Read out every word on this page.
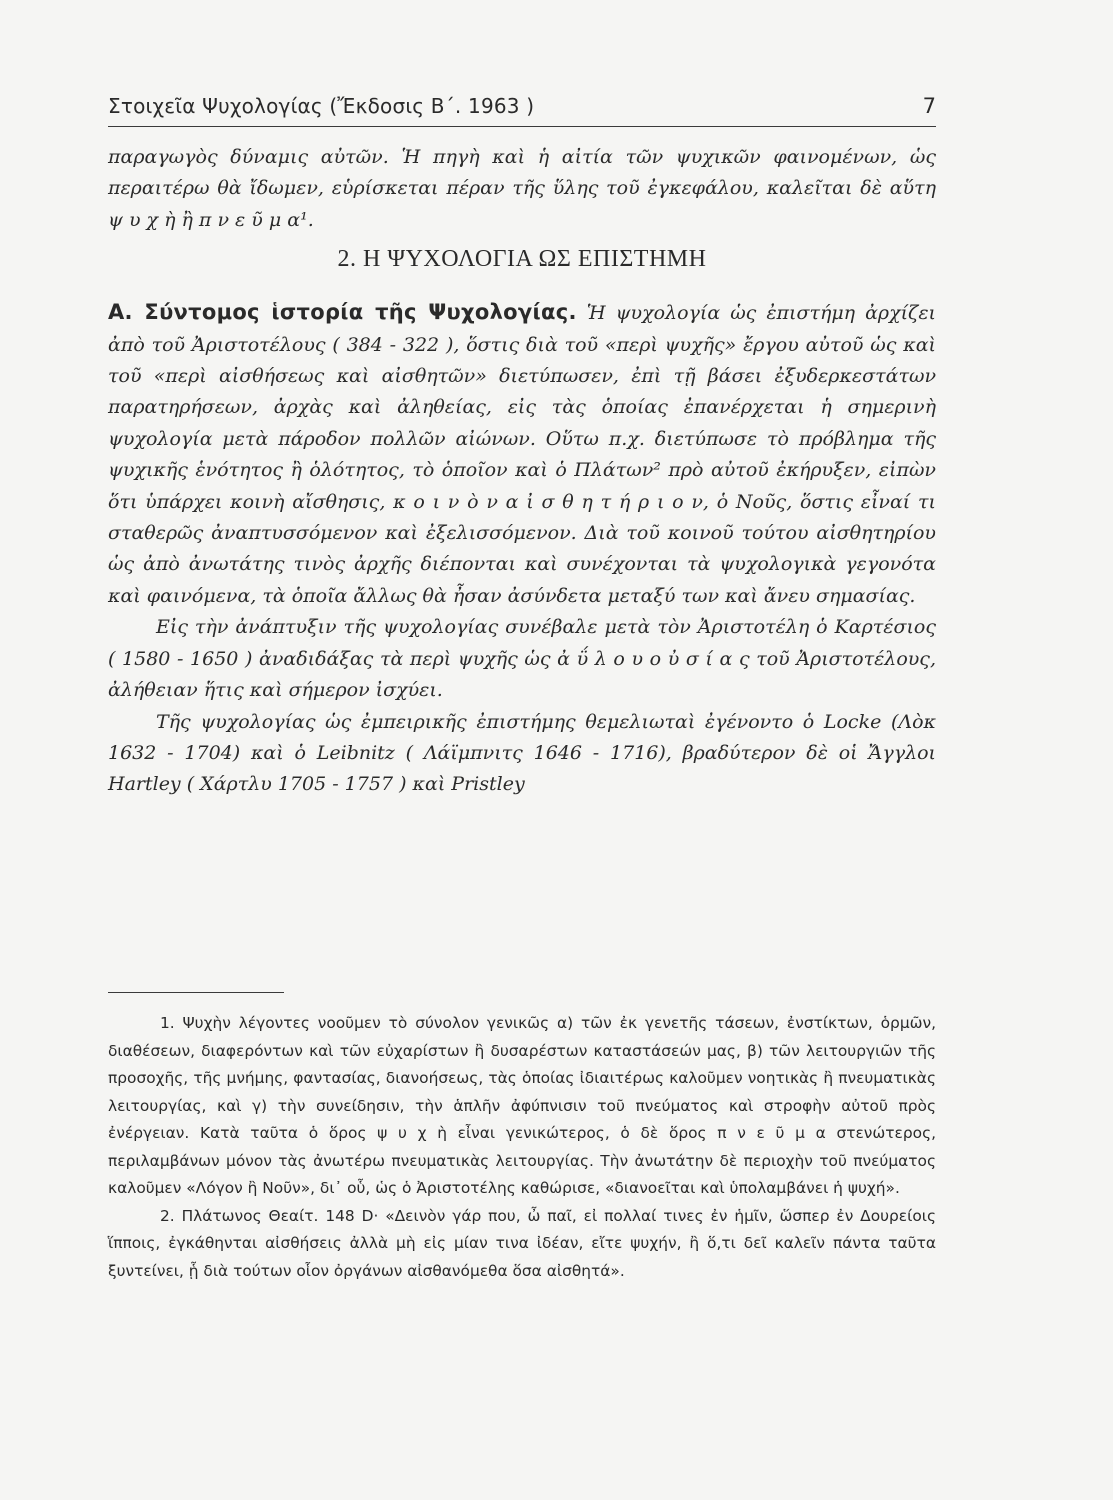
Στοιχεῖα Ψυχολογίας (Ἔκδοσις Β΄. 1963 )	7

παραγωγὸς δύναμις αὐτῶν. Ἡ πηγὴ καὶ ἡ αἰτία τῶν ψυχικῶν φαινομένων, ὡς περαιτέρω θὰ ἴδωμεν, εὑρίσκεται πέραν τῆς ὕλης τοῦ ἐγκεφάλου, καλεῖται δὲ αὕτη ψ υ χ ὴ ἢ π ν ε ῦ μ α¹.

2. Η ΨΥΧΟΛΟΓΙΑ ΩΣ ΕΠΙΣΤΗΜΗ

Α. Σύντομος ἱστορία τῆς Ψυχολογίας. Ἡ ψυχολογία ὡς ἐπιστήμη ἀρχίζει ἀπὸ τοῦ Ἀριστοτέλους ( 384 - 322 ), ὅστις διὰ τοῦ «περὶ ψυχῆς» ἔργου αὐτοῦ ὡς καὶ τοῦ «περὶ αἰσθήσεως καὶ αἰσθητῶν» διετύπωσεν, ἐπὶ τῇ βάσει ἐξυδερκεστάτων παρατηρήσεων, ἀρχὰς καὶ ἀληθείας, εἰς τὰς ὁποίας ἐπανέρχεται ἡ σημερινὴ ψυχολογία μετὰ πάροδον πολλῶν αἰώνων. Οὕτω π.χ. διετύπωσε τὸ πρόβλημα τῆς ψυχικῆς ἑνότητος ἢ ὁλότητος, τὸ ὁποῖον καὶ ὁ Πλάτων² πρὸ αὐτοῦ ἐκήρυξεν, εἰπὼν ὅτι ὑπάρχει κοινὴ αἴσθησις, κ ο ι ν ὸ ν α ἰ σ θ η τ ή ρ ι ο ν, ὁ Νοῦς, ὅστις εἶναί τι σταθερῶς ἀναπτυσσόμενον καὶ ἐξελισσόμενον. Διὰ τοῦ κοινοῦ τούτου αἰσθητηρίου ὡς ἀπὸ ἀνωτάτης τινὸς ἀρχῆς διέπονται καὶ συνέχονται τὰ ψυχολογικὰ γεγονότα καὶ φαινόμενα, τὰ ὁποῖα ἄλλως θὰ ἦσαν ἀσύνδετα μεταξύ των καὶ ἄνευ σημασίας.

Εἰς τὴν ἀνάπτυξιν τῆς ψυχολογίας συνέβαλε μετὰ τὸν Ἀριστοτέλη ὁ Καρτέσιος ( 1580 - 1650 ) ἀναδιδάξας τὰ περὶ ψυχῆς ὡς ἀ ΰ λ ο υ ο ὐ σ ί α ς τοῦ Ἀριστοτέλους, ἀλήθειαν ἥτις καὶ σήμερον ἰσχύει.

Τῆς ψυχολογίας ὡς ἐμπειρικῆς ἐπιστήμης θεμελιωταὶ ἐγένοντο ὁ Locke (Λὸκ 1632 - 1704) καὶ ὁ Leibnitz ( Λάϊμπνιτς 1646 - 1716), βραδύτερον δὲ οἱ Ἄγγλοι Hartley ( Χάρτλυ 1705 - 1757 ) καὶ Pristley

1. Ψυχὴν λέγοντες νοοῦμεν τὸ σύνολον γενικῶς α) τῶν ἐκ γενετῆς τάσεων, ἐνστίκτων, ὁρμῶν, διαθέσεων, διαφερόντων καὶ τῶν εὐχαρίστων ἢ δυσαρέστων καταστάσεών μας, β) τῶν λειτουργιῶν τῆς προσοχῆς, τῆς μνήμης, φαντασίας, διανοήσεως, τὰς ὁποίας ἰδιαιτέρως καλοῦμεν νοητικὰς ἢ πνευματικὰς λειτουργίας, καὶ γ) τὴν συνείδησιν, τὴν ἁπλῆν ἀφύπνισιν τοῦ πνεύματος καὶ στροφὴν αὐτοῦ πρὸς ἐνέργειαν. Κατὰ ταῦτα ὁ ὅρος ψ υ χ ὴ εἶναι γενικώτερος, ὁ δὲ ὅρος π ν ε ῦ μ α στενώτερος, περιλαμβάνων μόνον τὰς ἀνωτέρω πνευματικὰς λειτουργίας. Τὴν ἀνωτάτην δὲ περιοχὴν τοῦ πνεύματος καλοῦμεν «Λόγον ἢ Νοῦν», δι᾽ οὗ, ὡς ὁ Ἀριστοτέλης καθώρισε, «διανοεῖται καὶ ὑπολαμβάνει ἡ ψυχή».

2. Πλάτωνος Θεαίτ. 148 D· «Δεινὸν γάρ που, ὦ παῖ, εἰ πολλαί τινες ἐν ἡμῖν, ὥσπερ ἐν Δουρείοις ἵπποις, ἐγκάθηνται αἰσθήσεις ἀλλὰ μὴ εἰς μίαν τινα ἰδέαν, εἴτε ψυχήν, ἢ ὅ,τι δεῖ καλεῖν πάντα ταῦτα ξυντείνει, ᾗ διὰ τούτων οἷον ὀργάνων αἰσθανόμεθα ὅσα αἰσθητά».
